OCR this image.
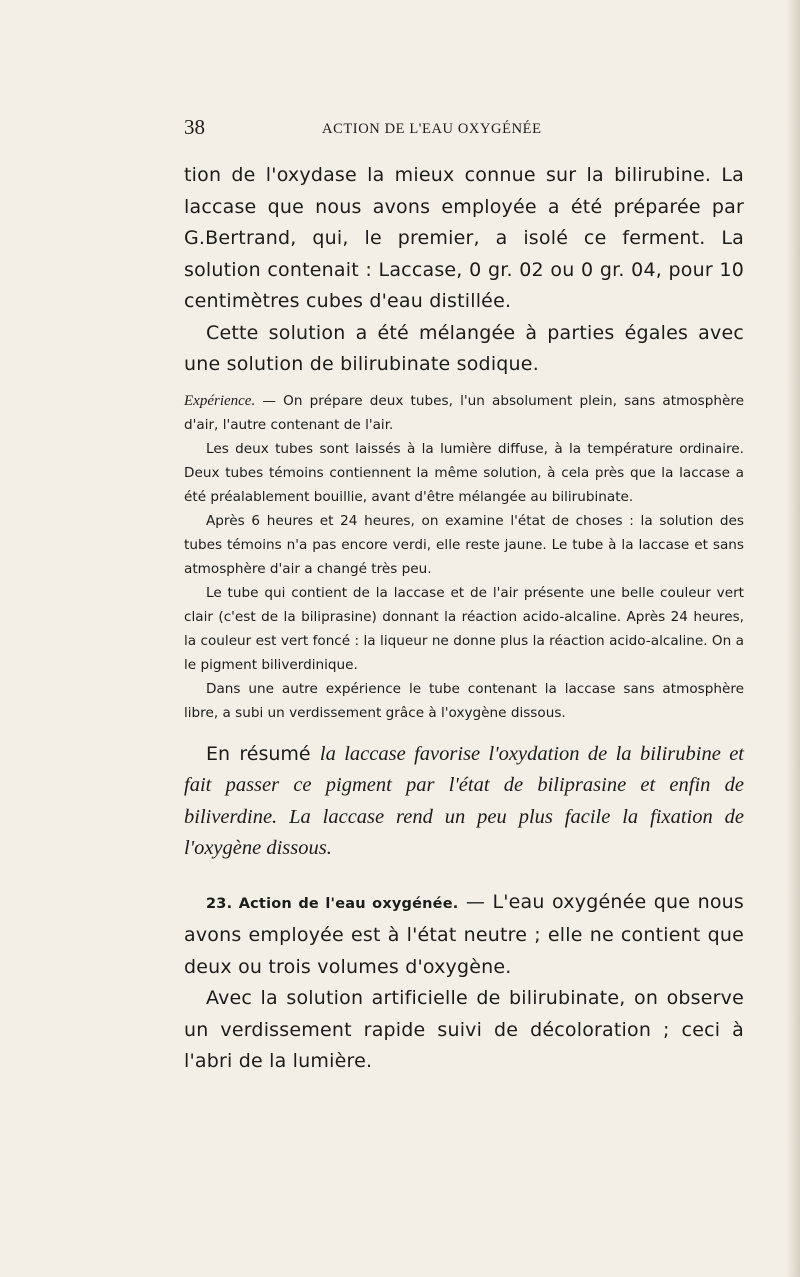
38	ACTION DE L'EAU OXYGÉNÉE

tion de l'oxydase la mieux connue sur la bilirubine. La laccase que nous avons employée a été préparée par G.Bertrand, qui, le premier, a isolé ce ferment. La solution contenait : Laccase, 0 gr. 02 ou 0 gr. 04, pour 10 centimètres cubes d'eau distillée.

Cette solution a été mélangée à parties égales avec une solution de bilirubinate sodique.

Expérience. — On prépare deux tubes, l'un absolument plein, sans atmosphère d'air, l'autre contenant de l'air.

Les deux tubes sont laissés à la lumière diffuse, à la température ordinaire. Deux tubes témoins contiennent la même solution, à cela près que la laccase a été préalablement bouillie, avant d'être mélangée au bilirubinate.

Après 6 heures et 24 heures, on examine l'état de choses : la solution des tubes témoins n'a pas encore verdi, elle reste jaune. Le tube à la laccase et sans atmosphère d'air a changé très peu.

Le tube qui contient de la laccase et de l'air présente une belle couleur vert clair (c'est de la biliprasine) donnant la réaction acido-alcaline. Après 24 heures, la couleur est vert foncé : la liqueur ne donne plus la réaction acido-alcaline. On a le pigment biliverdinique.

Dans une autre expérience le tube contenant la laccase sans atmosphère libre, a subi un verdissement grâce à l'oxygène dissous.

En résumé la laccase favorise l'oxydation de la bilirubine et fait passer ce pigment par l'état de biliprasine et enfin de biliverdine. La laccase rend un peu plus facile la fixation de l'oxygène dissous.

23. Action de l'eau oxygénée. — L'eau oxygénée que nous avons employée est à l'état neutre ; elle ne contient que deux ou trois volumes d'oxygène.

Avec la solution artificielle de bilirubinate, on observe un verdissement rapide suivi de décoloration ; ceci à l'abri de la lumière.
